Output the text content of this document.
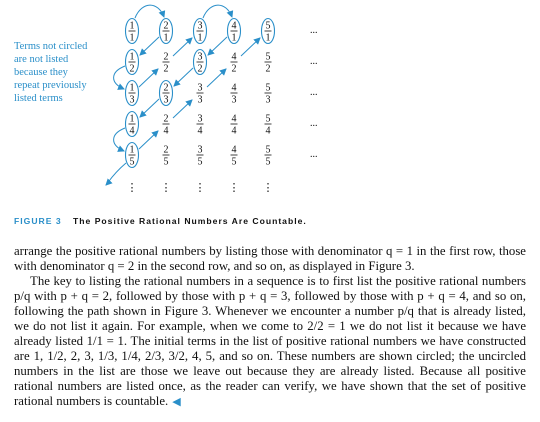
1
1
2
1
3
1
4
1
5
1
1
2
2
2
3
2
4
2
5
2
1
3
2
3
3
3
4
3
5
3
1
4
2
4
3
4
4
4
5
4
1
5
2
5
3
5
4
5
5
5
...
...
...
...
...
⋮ ⋮ ⋮ ⋮ ⋮
Terms not circled
are not listed
because they
repeat previously
listed terms
FIGURE 3 The Positive Rational Numbers Are Countable.

arrange the positive rational numbers by listing those with denominator q = 1 in the first row, those with denominator q = 2 in the second row, and so on, as displayed in Figure 3.

The key to listing the rational numbers in a sequence is to first list the positive rational numbers p/q with p + q = 2, followed by those with p + q = 3, followed by those with p + q = 4, and so on, following the path shown in Figure 3. Whenever we encounter a number p/q that is already listed, we do not list it again. For example, when we come to 2/2 = 1 we do not list it because we have already listed 1/1 = 1. The initial terms in the list of positive rational numbers we have constructed are 1, 1/2, 2, 3, 1/3, 1/4, 2/3, 3/2, 4, 5, and so on. These numbers are shown circled; the uncircled numbers in the list are those we leave out because they are already listed. Because all positive rational numbers are listed once, as the reader can verify, we have shown that the set of positive rational numbers is countable. ◀
